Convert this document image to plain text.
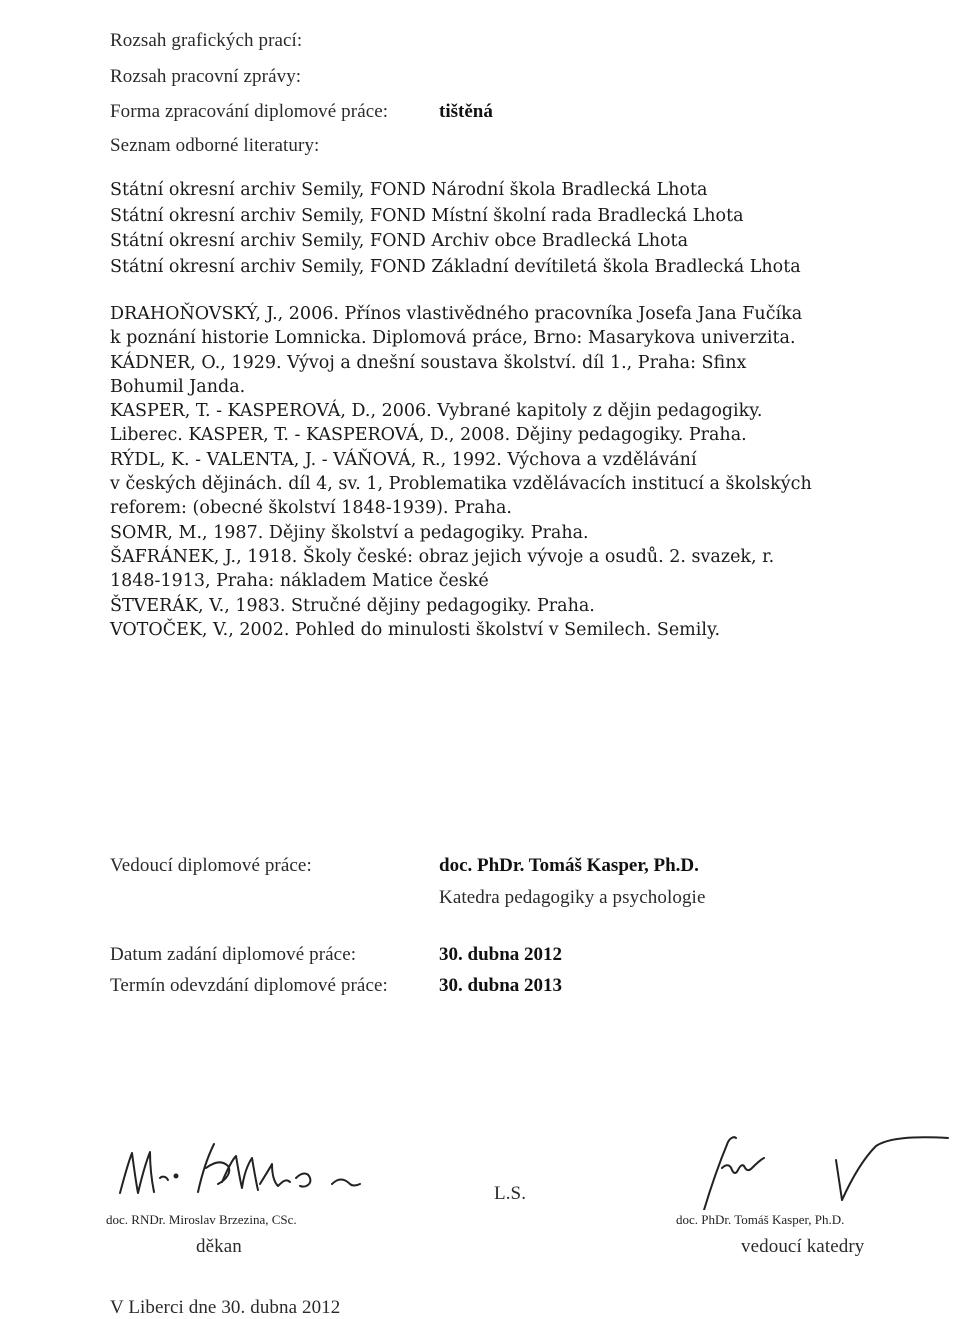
Rozsah grafických prací:
Rozsah pracovní zprávy:
Forma zpracování diplomové práce:	tištěná
Seznam odborné literatury:
Státní okresní archiv Semily, FOND Národní škola Bradlecká Lhota
Státní okresní archiv Semily, FOND Místní školní rada Bradlecká Lhota
Státní okresní archiv Semily, FOND Archiv obce Bradlecká Lhota
Státní okresní archiv Semily, FOND Základní devítiletá škola Bradlecká Lhota
DRAHOŇOVSKÝ, J., 2006. Přínos vlastivědného pracovníka Josefa Jana Fučíka
k poznání historie Lomnicka. Diplomová práce, Brno: Masarykova univerzita.
KÁDNER, O., 1929. Vývoj a dnešní soustava školství. díl 1., Praha: Sfinx
Bohumil Janda.
KASPER, T. - KASPEROVÁ, D., 2006. Vybrané kapitoly z dějin pedagogiky.
Liberec. KASPER, T. - KASPEROVÁ, D., 2008. Dějiny pedagogiky. Praha.
RÝDL, K. - VALENTA, J. - VÁŇOVÁ, R., 1992. Výchova a vzdělávání
v českých dějinách. díl 4, sv. 1, Problematika vzdělávacích institucí a školských
reforem: (obecné školství 1848-1939). Praha.
SOMR, M., 1987. Dějiny školství a pedagogiky. Praha.
ŠAFRÁNEK, J., 1918. Školy české: obraz jejich vývoje a osudů. 2. svazek, r.
1848-1913, Praha: nákladem Matice české
ŠTVERÁK, V., 1983. Stručné dějiny pedagogiky. Praha.
VOTOČEK, V., 2002. Pohled do minulosti školství v Semilech. Semily.
Vedoucí diplomové práce:	doc. PhDr. Tomáš Kasper, Ph.D.
Katedra pedagogiky a psychologie
Datum zadání diplomové práce:	30. dubna 2012
Termín odevzdání diplomové práce:	30. dubna 2013
doc. RNDr. Miroslav Brzezina, CSc.
děkan
L.S.
doc. PhDr. Tomáš Kasper, Ph.D.
vedoucí katedry
V Liberci dne 30. dubna 2012
